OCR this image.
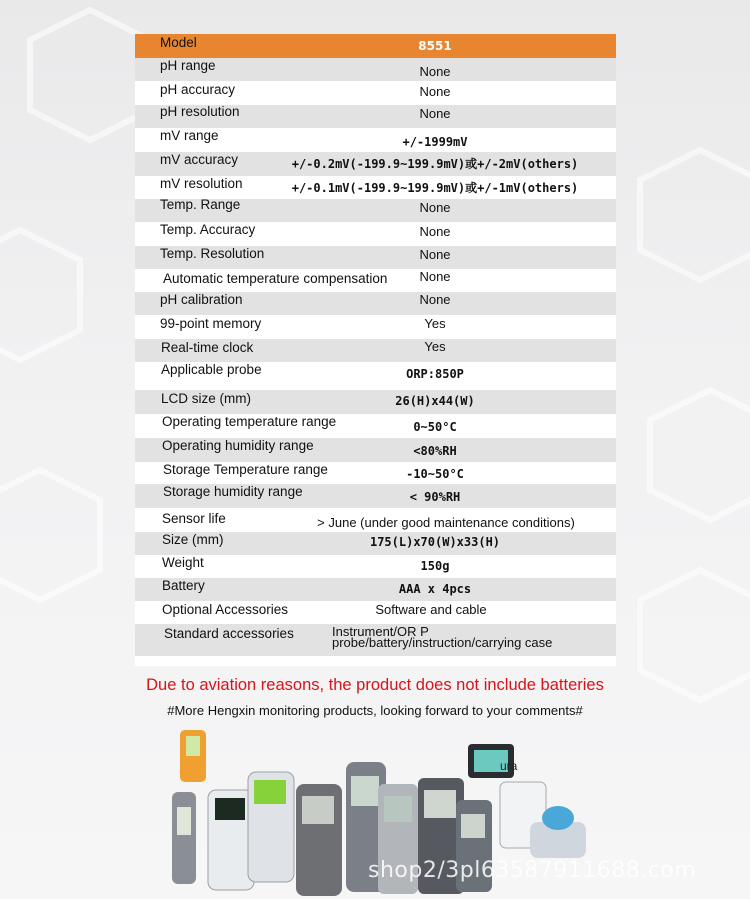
Model	8551
pH range	None
pH accuracy	None
pH resolution	None
mV range	+/-1999mV
mV accuracy	+/-0.2mV(-199.9~199.9mV)或+/-2mV(others)
mV resolution	+/-0.1mV(-199.9~199.9mV)或+/-1mV(others)
Temp. Range	None
Temp. Accuracy	None
Temp. Resolution	None
Automatic temperature compensation None
pH calibration	None
99-point memory	Yes
Real-time clock	Yes
Applicable probe	ORP:850P
LCD size (mm)	26(H)x44(W)
Operating temperature range	0~50°C
Operating humidity range	<80%RH
Storage Temperature range	-10~50°C
Storage humidity range	< 90%RH
Sensor life	> June (under good maintenance conditions)
Size (mm)	175(L)x70(W)x33(H)
Weight	150g
Battery	AAA x 4pcs
Optional Accessories	Software and cable
Standard accessories	Instrument/OR P
probe/battery/instruction/carrying case
Due to aviation reasons, the product does not include batteries
#More Hengxin monitoring products, looking forward to your comments#
ura
shop2/3pl63587911688.com
